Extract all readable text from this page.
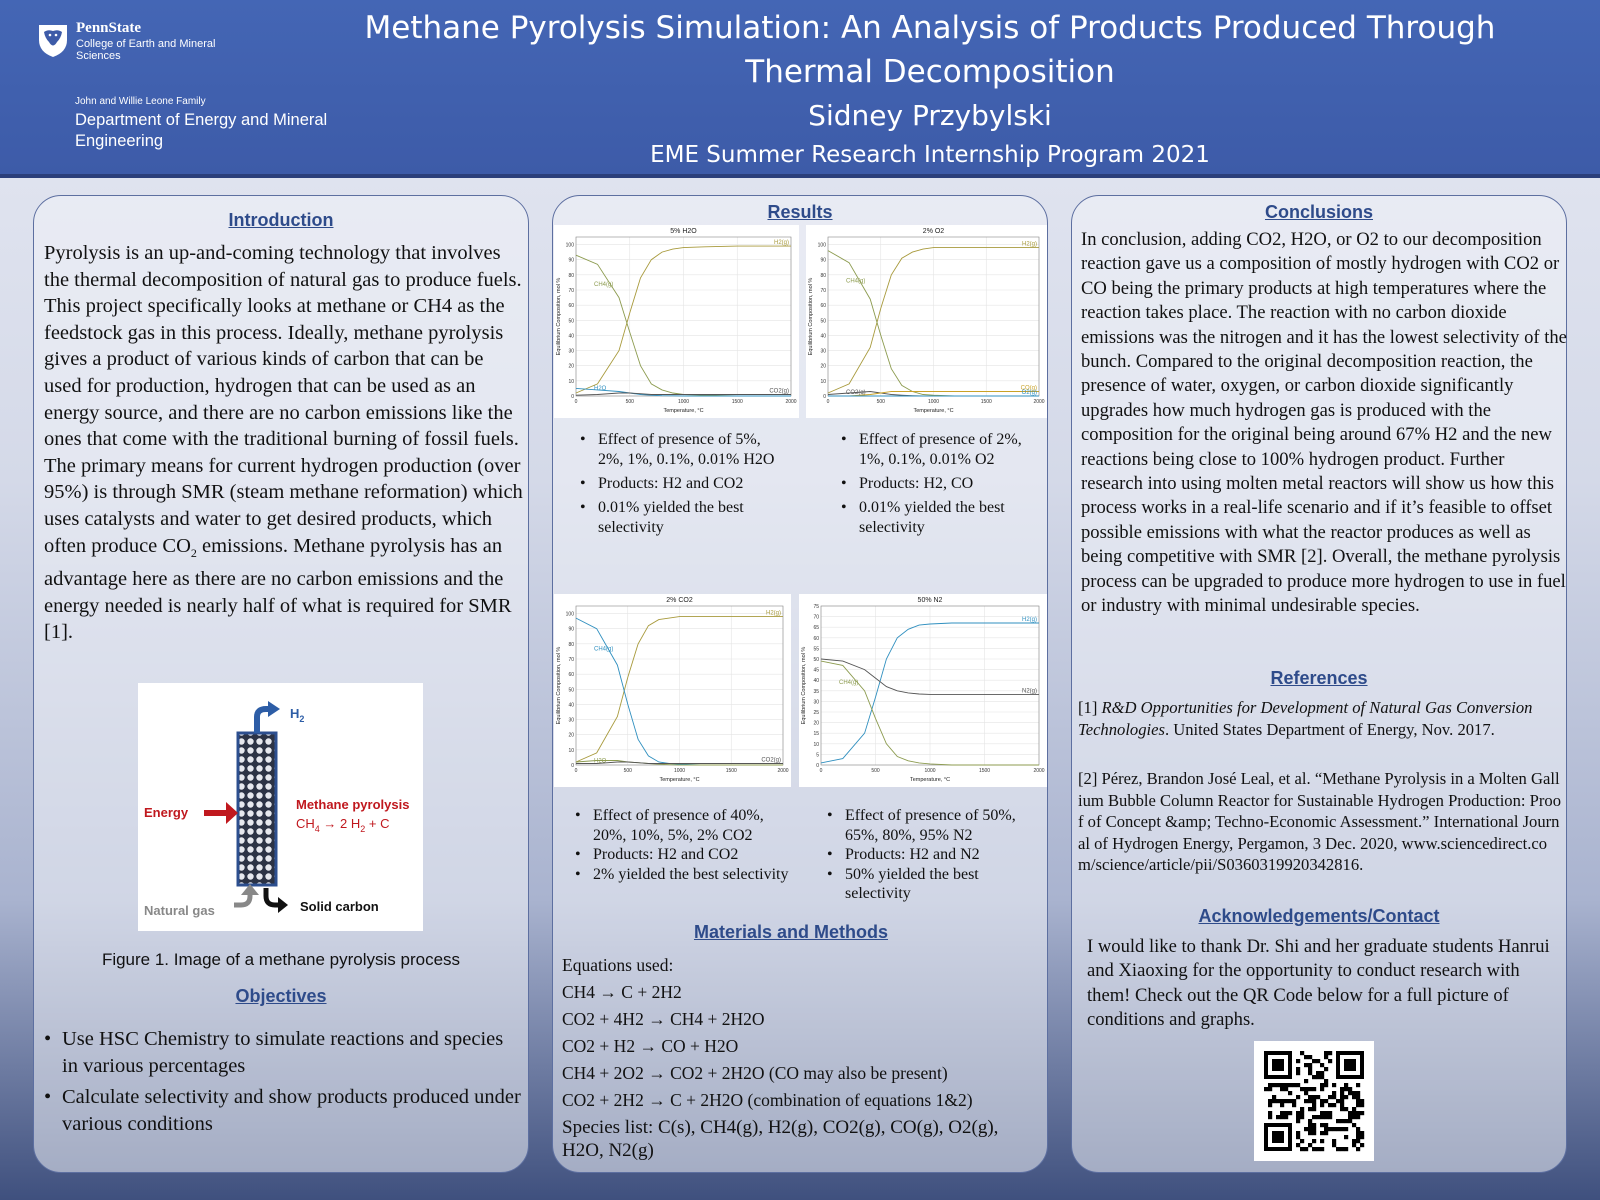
PennState
College of Earth and Mineral Sciences
John and Willie Leone Family
Department of Energy and Mineral Engineering
Methane Pyrolysis Simulation: An Analysis of Products Produced Through Thermal Decomposition
Sidney Przybylski
EME Summer Research Internship Program 2021
Introduction
Pyrolysis is an up-and-coming technology that involves the thermal decomposition of natural gas to produce fuels. This project specifically looks at methane or CH4 as the feedstock gas in this process. Ideally, methane pyrolysis gives a product of various kinds of carbon that can be used for production, hydrogen that can be used as an energy source, and there are no carbon emissions like the ones that come with the traditional burning of fossil fuels. The primary means for current hydrogen production (over 95%) is through SMR (steam methane reformation) which uses catalysts and water to get desired products, which often produce $CO_2$ emissions. Methane pyrolysis has an advantage here as there are no carbon emissions and the energy needed is nearly half of what is required for SMR [1].
$H_2$
Energy
Methane pyrolysis
$CH_4 \to 2$ $H_2 + C$
Natural gas	Solid carbon
Figure 1. Image of a methane pyrolysis process
Objectives
• Use HSC Chemistry to simulate reactions and species in various percentages
• Calculate selectivity and show products produced under various conditions
Results
5% H2O
0
10
20
30
40
50
60
70
80
90
100
0	500	1000	1500	2000
Temperature, °C
Equilibrium Composition, mol %
H2(g)
CH4(g)
H2O	CO2(g)
2% O2
0
10
20
30
40
50
60
70
80
90
100
0	500	1000	1500	2000
Temperature, °C
Equilibrium Composition, mol %
H2(g)
CH4(g)
CO2(g)
CO(g)
O2(g)
2% CO2
0
10
20
30
40
50
60
70
80
90
100
0	500	1000	1500	2000
Temperature, °C
Equilibrium Composition, mol %
H2(g)
CH4(g)
H2O	CO2(g)
50% N2
0
5
10
15
20
25
30
35
40
45
50
55
60
65
70
75
0	500	1000	1500	2000
Temperature, °C
Equilibrium Composition, mol %
H2(g)
CH4(g)
N2(g)
• Effect of presence of 5%, 2%, 1%, 0.1%, 0.01% H2O
• Products: H2 and CO2
• 0.01% yielded the best selectivity
• Effect of presence of 2%, 1%, 0.1%, 0.01% O2
• Products: H2, CO
• 0.01% yielded the best selectivity
• Effect of presence of 40%, 20%, 10%, 5%, 2% CO2
• Products: H2 and CO2
• 2% yielded the best selectivity
• Effect of presence of 50%, 65%, 80%, 95% N2
• Products: H2 and N2
• 50% yielded the best selectivity
Materials and Methods
Equations used:
CH4 → C + 2H2
CO2 + 4H2 → CH4 + 2H2O
CO2 + H2 → CO + H2O
CH4 + 2O2 → CO2 + 2H2O (CO may also be present)
CO2 + 2H2 → C + 2H2O (combination of equations 1&2)
Species list: C(s), CH4(g), H2(g), CO2(g), CO(g), O2(g), H2O, N2(g)
Conclusions
In conclusion, adding CO2, H2O, or O2 to our decomposition reaction gave us a composition of mostly hydrogen with CO2 or CO being the primary products at high temperatures where the reaction takes place. The reaction with no carbon dioxide emissions was the nitrogen and it has the lowest selectivity of the bunch. Compared to the original decomposition reaction, the presence of water, oxygen, or carbon dioxide significantly upgrades how much hydrogen gas is produced with the composition for the original being around 67% H2 and the new reactions being close to 100% hydrogen product. Further research into using molten metal reactors will show us how this process works in a real-life scenario and if it’s feasible to offset possible emissions with what the reactor produces as well as being competitive with SMR [2]. Overall, the methane pyrolysis process can be upgraded to produce more hydrogen to use in fuel or industry with minimal undesirable species.
References
[1] R&D Opportunities for Development of Natural Gas Conversion Technologies. United States Department of Energy, Nov. 2017.
[2] Pérez, Brandon José Leal, et al. “Methane Pyrolysis in a Molten Gallium Bubble Column Reactor for Sustainable Hydrogen Production: Proof of Concept &amp; Techno-Economic Assessment.” International Journal of Hydrogen Energy, Pergamon, 3 Dec. 2020, www.sciencedirect.com/science/article/pii/S0360319920342816.
Acknowledgements/Contact
I would like to thank Dr. Shi and her graduate students Hanrui and Xiaoxing for the opportunity to conduct research with them! Check out the QR Code below for a full picture of conditions and graphs.
